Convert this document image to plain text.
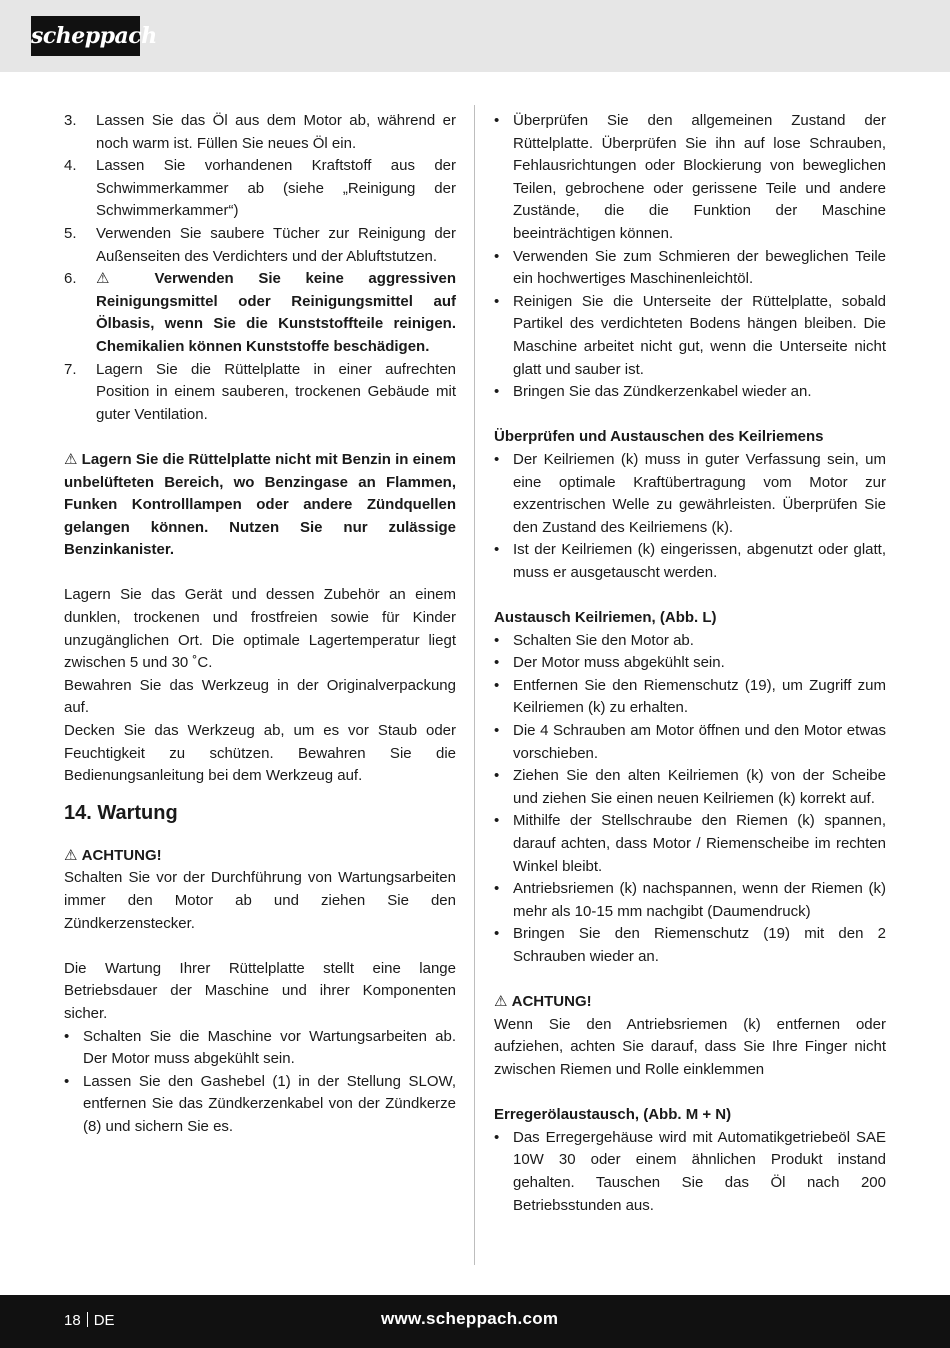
scheppach
3.	Lassen Sie das Öl aus dem Motor ab, während er noch warm ist. Füllen Sie neues Öl ein.
4.	Lassen Sie vorhandenen Kraftstoff aus der Schwimmerkammer ab (siehe „Reinigung der Schwimmerkammer“)
5.	Verwenden Sie saubere Tücher zur Reinigung der Außenseiten des Verdichters und der Abluftstutzen.
6.
⚠	Verwenden Sie keine aggressiven Reinigungsmittel oder Reinigungsmittel auf Ölbasis, wenn Sie die Kunststoffteile reinigen. Chemikalien können Kunststoffe beschädigen.
7.	Lagern Sie die Rüttelplatte in einer aufrechten Position in einem sauberen, trockenen Gebäude mit guter Ventilation.

⚠ Lagern Sie die Rüttelplatte nicht mit Benzin in einem unbelüfteten Bereich, wo Benzingase an Flammen, Funken Kontrolllampen oder andere Zündquellen gelangen können. Nutzen Sie nur zulässige Benzinkanister.

Lagern Sie das Gerät und dessen Zubehör an einem dunklen, trockenen und frostfreien sowie für Kinder unzugänglichen Ort. Die optimale Lagertemperatur liegt zwischen 5 und 30 ˚C.

Bewahren Sie das Werkzeug in der Originalverpackung auf.

Decken Sie das Werkzeug ab, um es vor Staub oder Feuchtigkeit zu schützen. Bewahren Sie die Bedienungsanleitung bei dem Werkzeug auf.

14. Wartung

⚠ ACHTUNG!

Schalten Sie vor der Durchführung von Wartungsarbeiten immer den Motor ab und ziehen Sie den Zündkerzenstecker.

Die Wartung Ihrer Rüttelplatte stellt eine lange Betriebsdauer der Maschine und ihrer Komponenten sicher.

• Schalten Sie die Maschine vor Wartungsarbeiten ab. Der Motor muss abgekühlt sein.
• Lassen Sie den Gashebel (1) in der Stellung SLOW, entfernen Sie das Zündkerzenkabel von der Zündkerze (8) und sichern Sie es.
• Überprüfen Sie den allgemeinen Zustand der Rüttelplatte. Überprüfen Sie ihn auf lose Schrauben, Fehlausrichtungen oder Blockierung von beweglichen Teilen, gebrochene oder gerissene Teile und andere Zustände, die die Funktion der Maschine beeinträchtigen können.
• Verwenden Sie zum Schmieren der beweglichen Teile ein hochwertiges Maschinenleichtöl.
• Reinigen Sie die Unterseite der Rüttelplatte, sobald Partikel des verdichteten Bodens hängen bleiben. Die Maschine arbeitet nicht gut, wenn die Unterseite nicht glatt und sauber ist.
• Bringen Sie das Zündkerzenkabel wieder an.

Überprüfen und Austauschen des Keilriemens

• Der Keilriemen (k) muss in guter Verfassung sein, um eine optimale Kraftübertragung vom Motor zur exzentrischen Welle zu gewährleisten. Überprüfen Sie den Zustand des Keilriemens (k).
• Ist der Keilriemen (k) eingerissen, abgenutzt oder glatt, muss er ausgetauscht werden.

Austausch Keilriemen, (Abb. L)

• Schalten Sie den Motor ab.
• Der Motor muss abgekühlt sein.
• Entfernen Sie den Riemenschutz (19), um Zugriff zum Keilriemen (k) zu erhalten.
• Die 4 Schrauben am Motor öffnen und den Motor etwas vorschieben.
• Ziehen Sie den alten Keilriemen (k) von der Scheibe und ziehen Sie einen neuen Keilriemen (k) korrekt auf.
• Mithilfe der Stellschraube den Riemen (k) spannen, darauf achten, dass Motor / Riemenscheibe im rechten Winkel bleibt.
• Antriebsriemen (k) nachspannen, wenn der Riemen (k) mehr als 10-15 mm nachgibt (Daumendruck)
• Bringen Sie den Riemenschutz (19) mit den 2 Schrauben wieder an.

⚠ ACHTUNG!

Wenn Sie den Antriebsriemen (k) entfernen oder aufziehen, achten Sie darauf, dass Sie Ihre Finger nicht zwischen Riemen und Rolle einklemmen

Erregerölaustausch, (Abb. M + N)

• Das Erregergehäuse wird mit Automatikgetriebeöl SAE 10W 30 oder einem ähnlichen Produkt instand gehalten. Tauschen Sie das Öl nach 200 Betriebsstunden aus.
18 DE	www.scheppach.com
